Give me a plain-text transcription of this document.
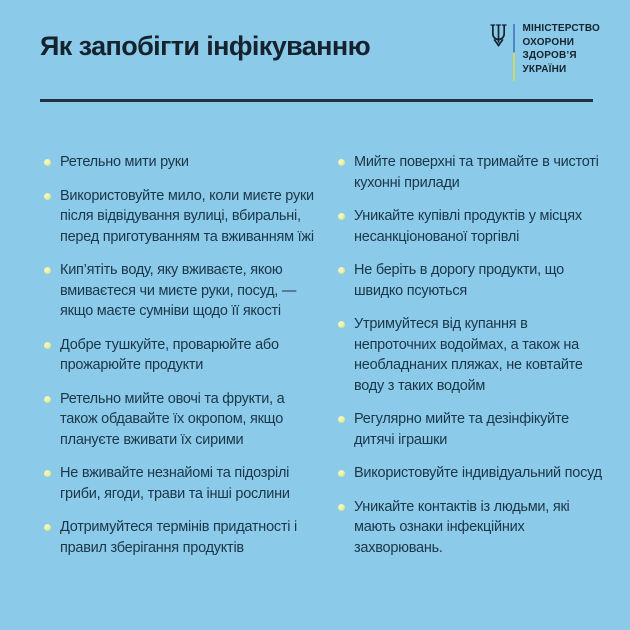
Як запобігти інфікуванню
МІНІСТЕРСТВО
ОХОРОНИ
ЗДОРОВ’Я
УКРАЇНИ
Ретельно мити руки
Використовуйте мило, коли миєте руки після відвідування вулиці, вбиральні, перед приготуванням та вживанням їжі
Кип’ятіть воду, яку вживаєте, якою вмиваєтеся чи миєте руки, посуд, — якщо маєте сумніви щодо її якості
Добре тушкуйте, проварюйте або прожарюйте продукти
Ретельно мийте овочі та фрукти, а також обдавайте їх окропом, якщо плануєте вживати їх сирими
Не вживайте незнайомі та підозрілі гриби, ягоди, трави та інші рослини
Дотримуйтеся термінів придатності і правил зберігання продуктів
Мийте поверхні та тримайте в чистоті кухонні прилади
Уникайте купівлі продуктів у місцях несанкціонованої торгівлі
Не беріть в дорогу продукти, що швидко псуються
Утримуйтеся від купання в непроточних водоймах, а також на необладнаних пляжах, не ковтайте воду з таких водойм
Регулярно мийте та дезінфікуйте дитячі іграшки
Використовуйте індивідуальний посуд
Уникайте контактів із людьми, які мають ознаки інфекційних захворювань.
